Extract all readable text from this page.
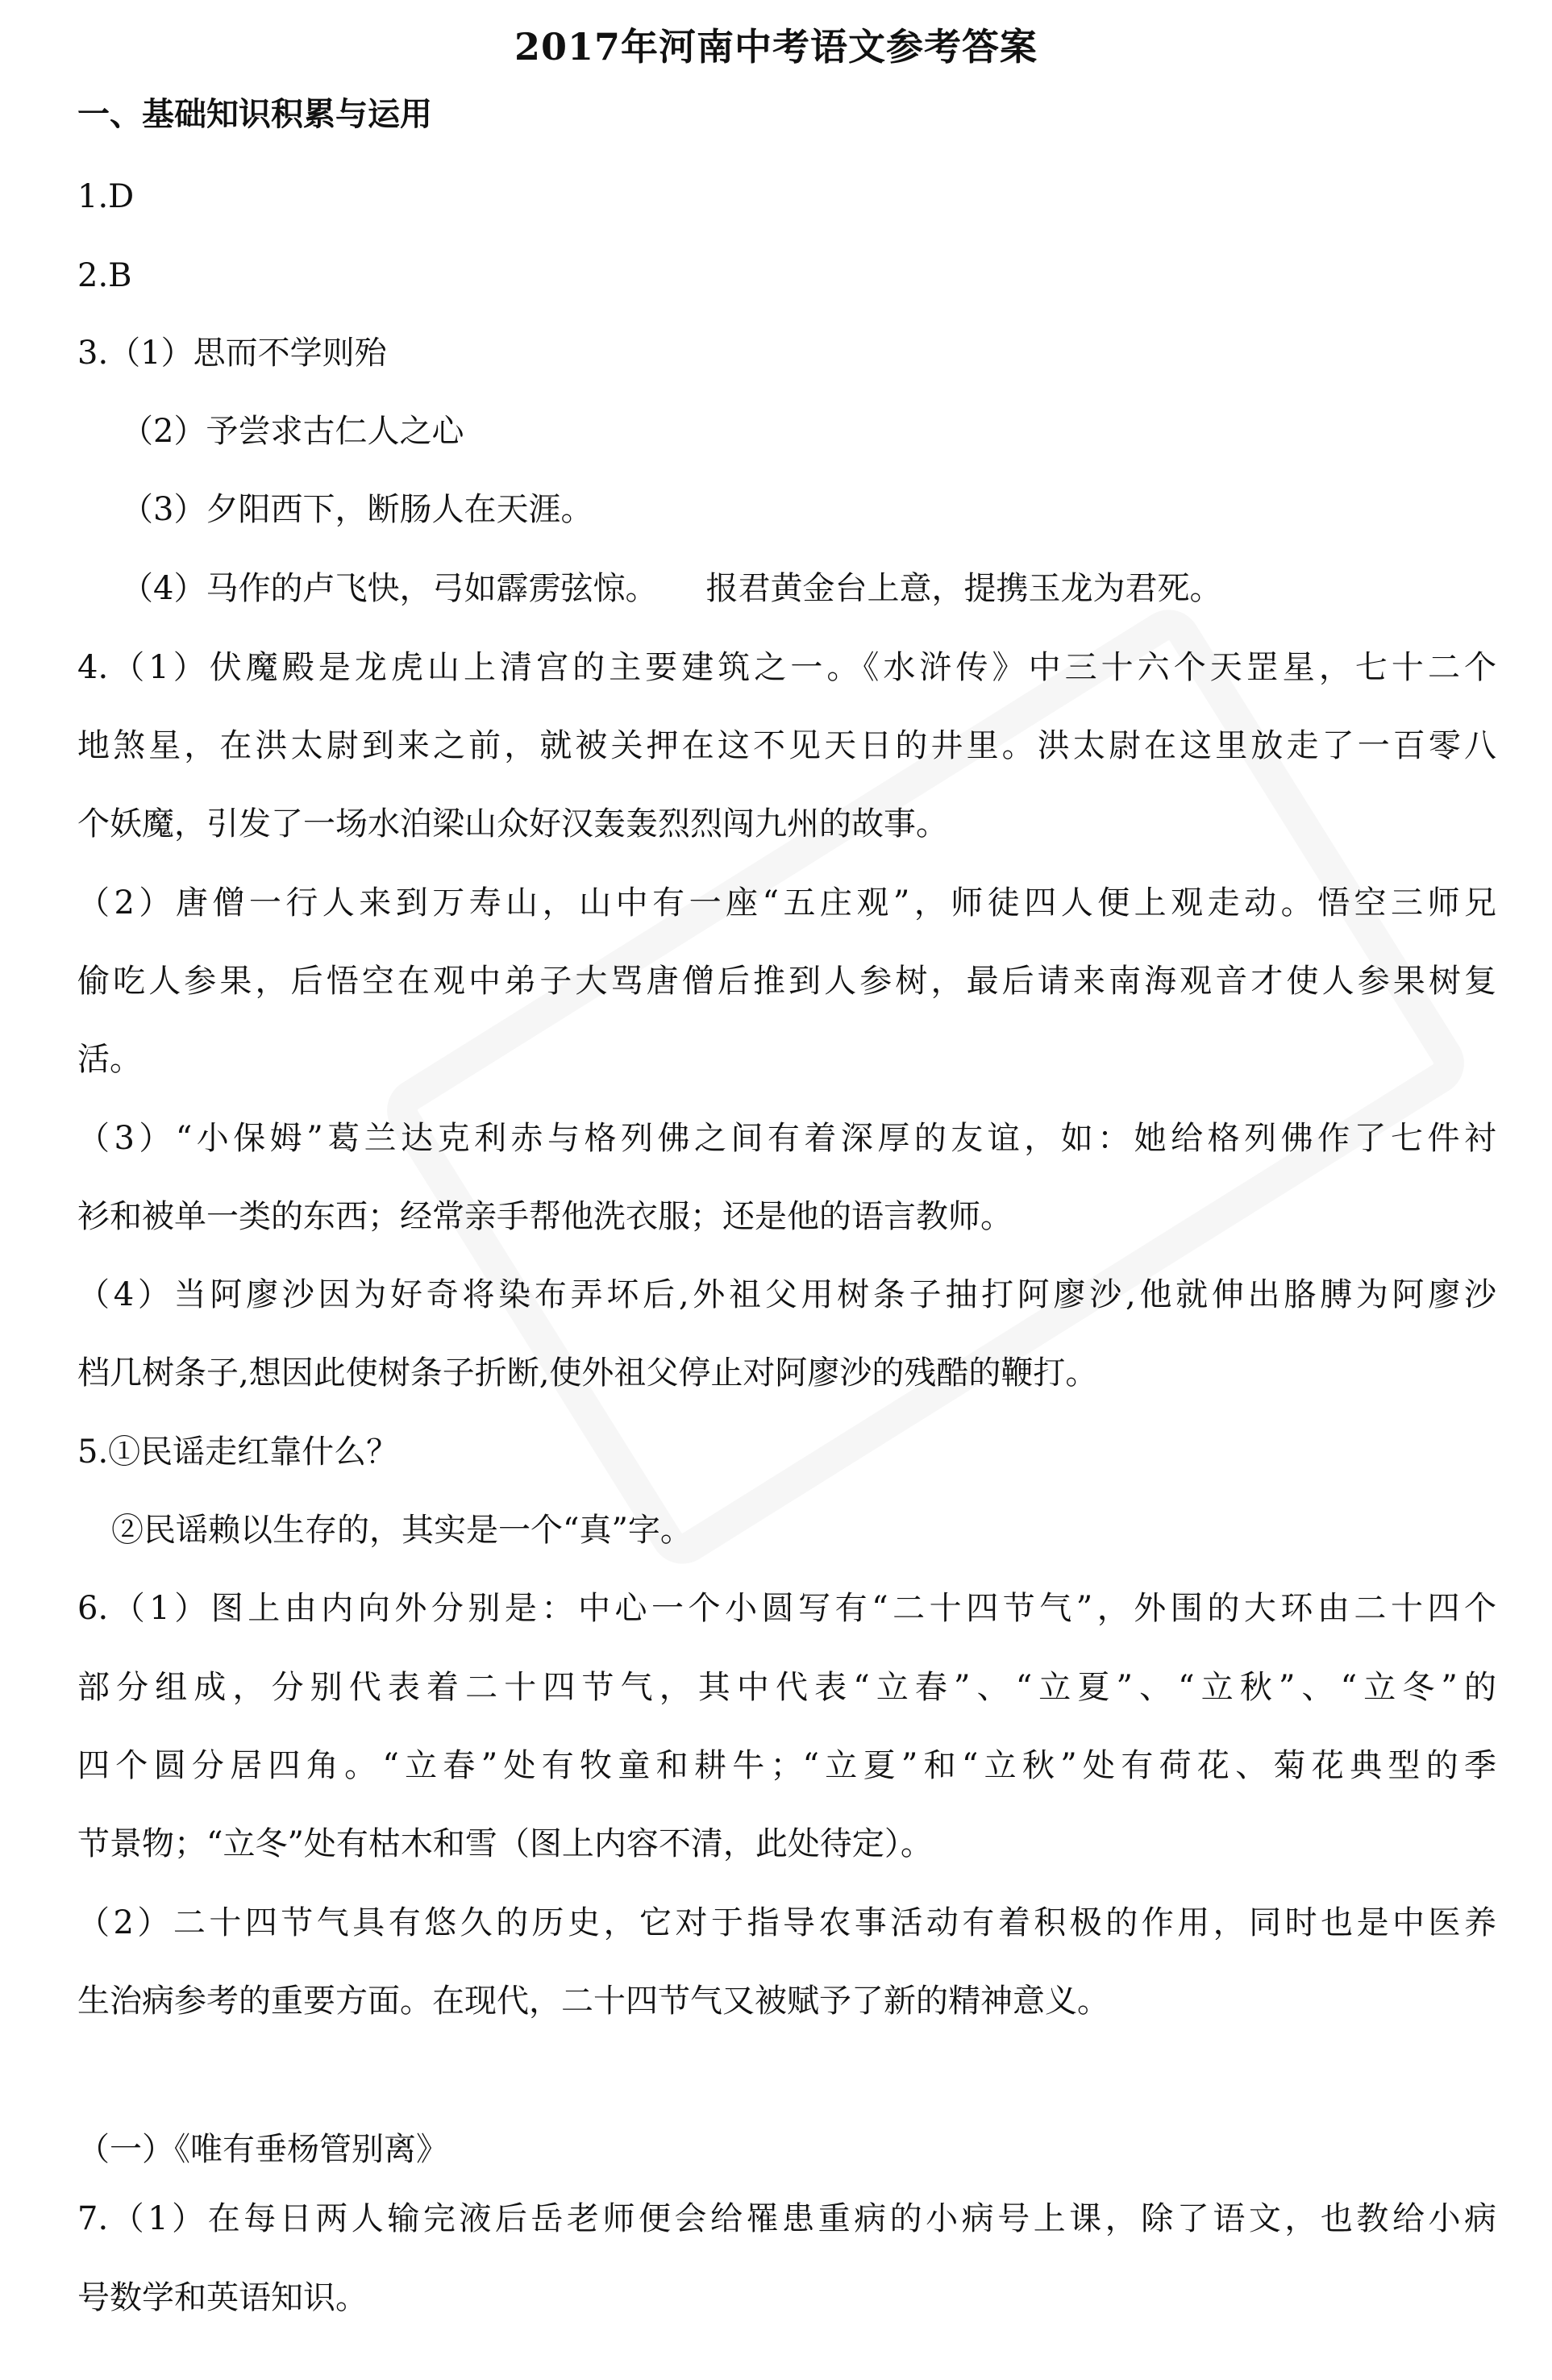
2017年河南中考语文参考答案
一、基础知识积累与运用
1.D
2.B
3.（1）思而不学则殆
（2）予尝求古仁人之心
（3）夕阳西下，断肠人在天涯。
（4）马作的卢飞快，弓如霹雳弦惊。　　报君黄金台上意，提携玉龙为君死。
4.（1）伏魔殿是龙虎山上清宫的主要建筑之一。《水浒传》中三十六个天罡星，七十二个
地煞星，在洪太尉到来之前，就被关押在这不见天日的井里。洪太尉在这里放走了一百零八
个妖魔，引发了一场水泊梁山众好汉轰轰烈烈闯九州的故事。
（2）唐僧一行人来到万寿山，山中有一座“五庄观”，师徒四人便上观走动。悟空三师兄
偷吃人参果，后悟空在观中弟子大骂唐僧后推到人参树，最后请来南海观音才使人参果树复
活。
（3）“小保姆”葛兰达克利赤与格列佛之间有着深厚的友谊，如：她给格列佛作了七件衬
衫和被单一类的东西；经常亲手帮他洗衣服；还是他的语言教师。
（4）当阿廖沙因为好奇将染布弄坏后,外祖父用树条子抽打阿廖沙,他就伸出胳膊为阿廖沙
档几树条子,想因此使树条子折断,使外祖父停止对阿廖沙的残酷的鞭打。
5.①民谣走红靠什么？
②民谣赖以生存的，其实是一个“真”字。
6.（1）图上由内向外分别是：中心一个小圆写有“二十四节气”，外围的大环由二十四个
部分组成，分别代表着二十四节气，其中代表“立春”、“立夏”、“立秋”、“立冬”的
四个圆分居四角。“立春”处有牧童和耕牛；“立夏”和“立秋”处有荷花、菊花典型的季
节景物；“立冬”处有枯木和雪（图上内容不清，此处待定）。
（2）二十四节气具有悠久的历史，它对于指导农事活动有着积极的作用，同时也是中医养
生治病参考的重要方面。在现代，二十四节气又被赋予了新的精神意义。
（一）《唯有垂杨管别离》
7.（1）在每日两人输完液后岳老师便会给罹患重病的小病号上课，除了语文，也教给小病
号数学和英语知识。
